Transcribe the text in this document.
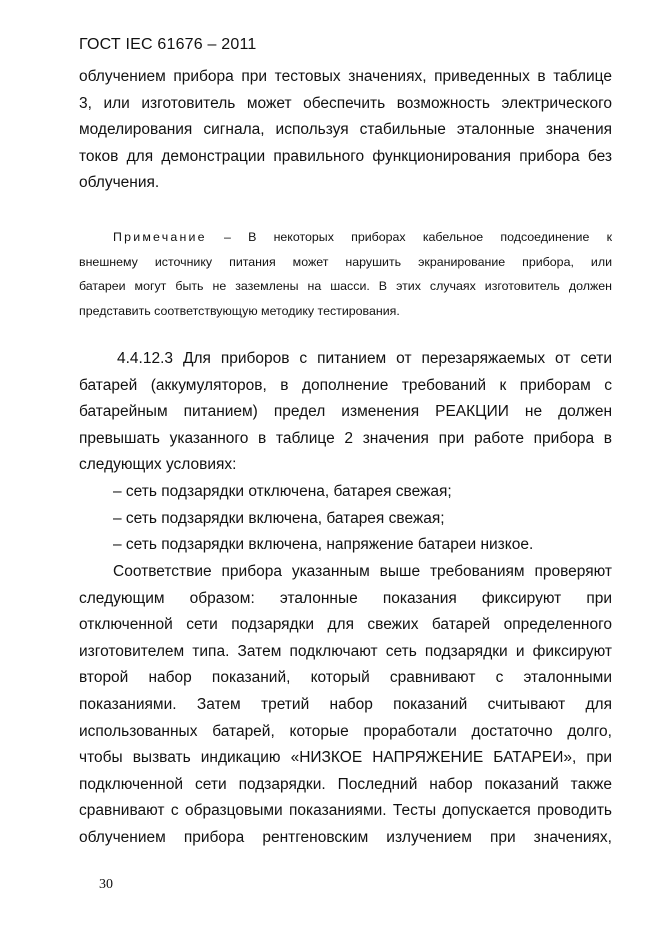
ГОСТ IEC 61676 – 2011
облучением прибора при тестовых значениях, приведенных в таблице
3, или изготовитель может обеспечить возможность электрического
моделирования сигнала, используя стабильные эталонные значения
токов для демонстрации правильного функционирования прибора без
облучения.
Примечание – В некоторых приборах кабельное подсоединение к
внешнему источнику питания может нарушить экранирование прибора, или
батареи могут быть не заземлены на шасси. В этих случаях изготовитель должен
представить соответствующую методику тестирования.
4.4.12.3 Для приборов с питанием от перезаряжаемых от сети
батарей (аккумуляторов, в дополнение требований к приборам с
батарейным питанием) предел изменения РЕАКЦИИ не должен
превышать указанного в таблице 2 значения при работе прибора в
следующих условиях:
– сеть подзарядки отключена, батарея свежая;
– сеть подзарядки включена, батарея свежая;
– сеть подзарядки включена, напряжение батареи низкое.
Соответствие прибора указанным выше требованиям проверяют
следующим образом: эталонные показания фиксируют при
отключенной сети подзарядки для свежих батарей определенного
изготовителем типа. Затем подключают сеть подзарядки и фиксируют
второй набор показаний, который сравнивают с эталонными
показаниями. Затем третий набор показаний считывают для
использованных батарей, которые проработали достаточно долго,
чтобы вызвать индикацию «НИЗКОЕ НАПРЯЖЕНИЕ БАТАРЕИ», при
подключенной сети подзарядки. Последний набор показаний также
сравнивают с образцовыми показаниями. Тесты допускается проводить
облучением прибора рентгеновским излучением при значениях,
30
